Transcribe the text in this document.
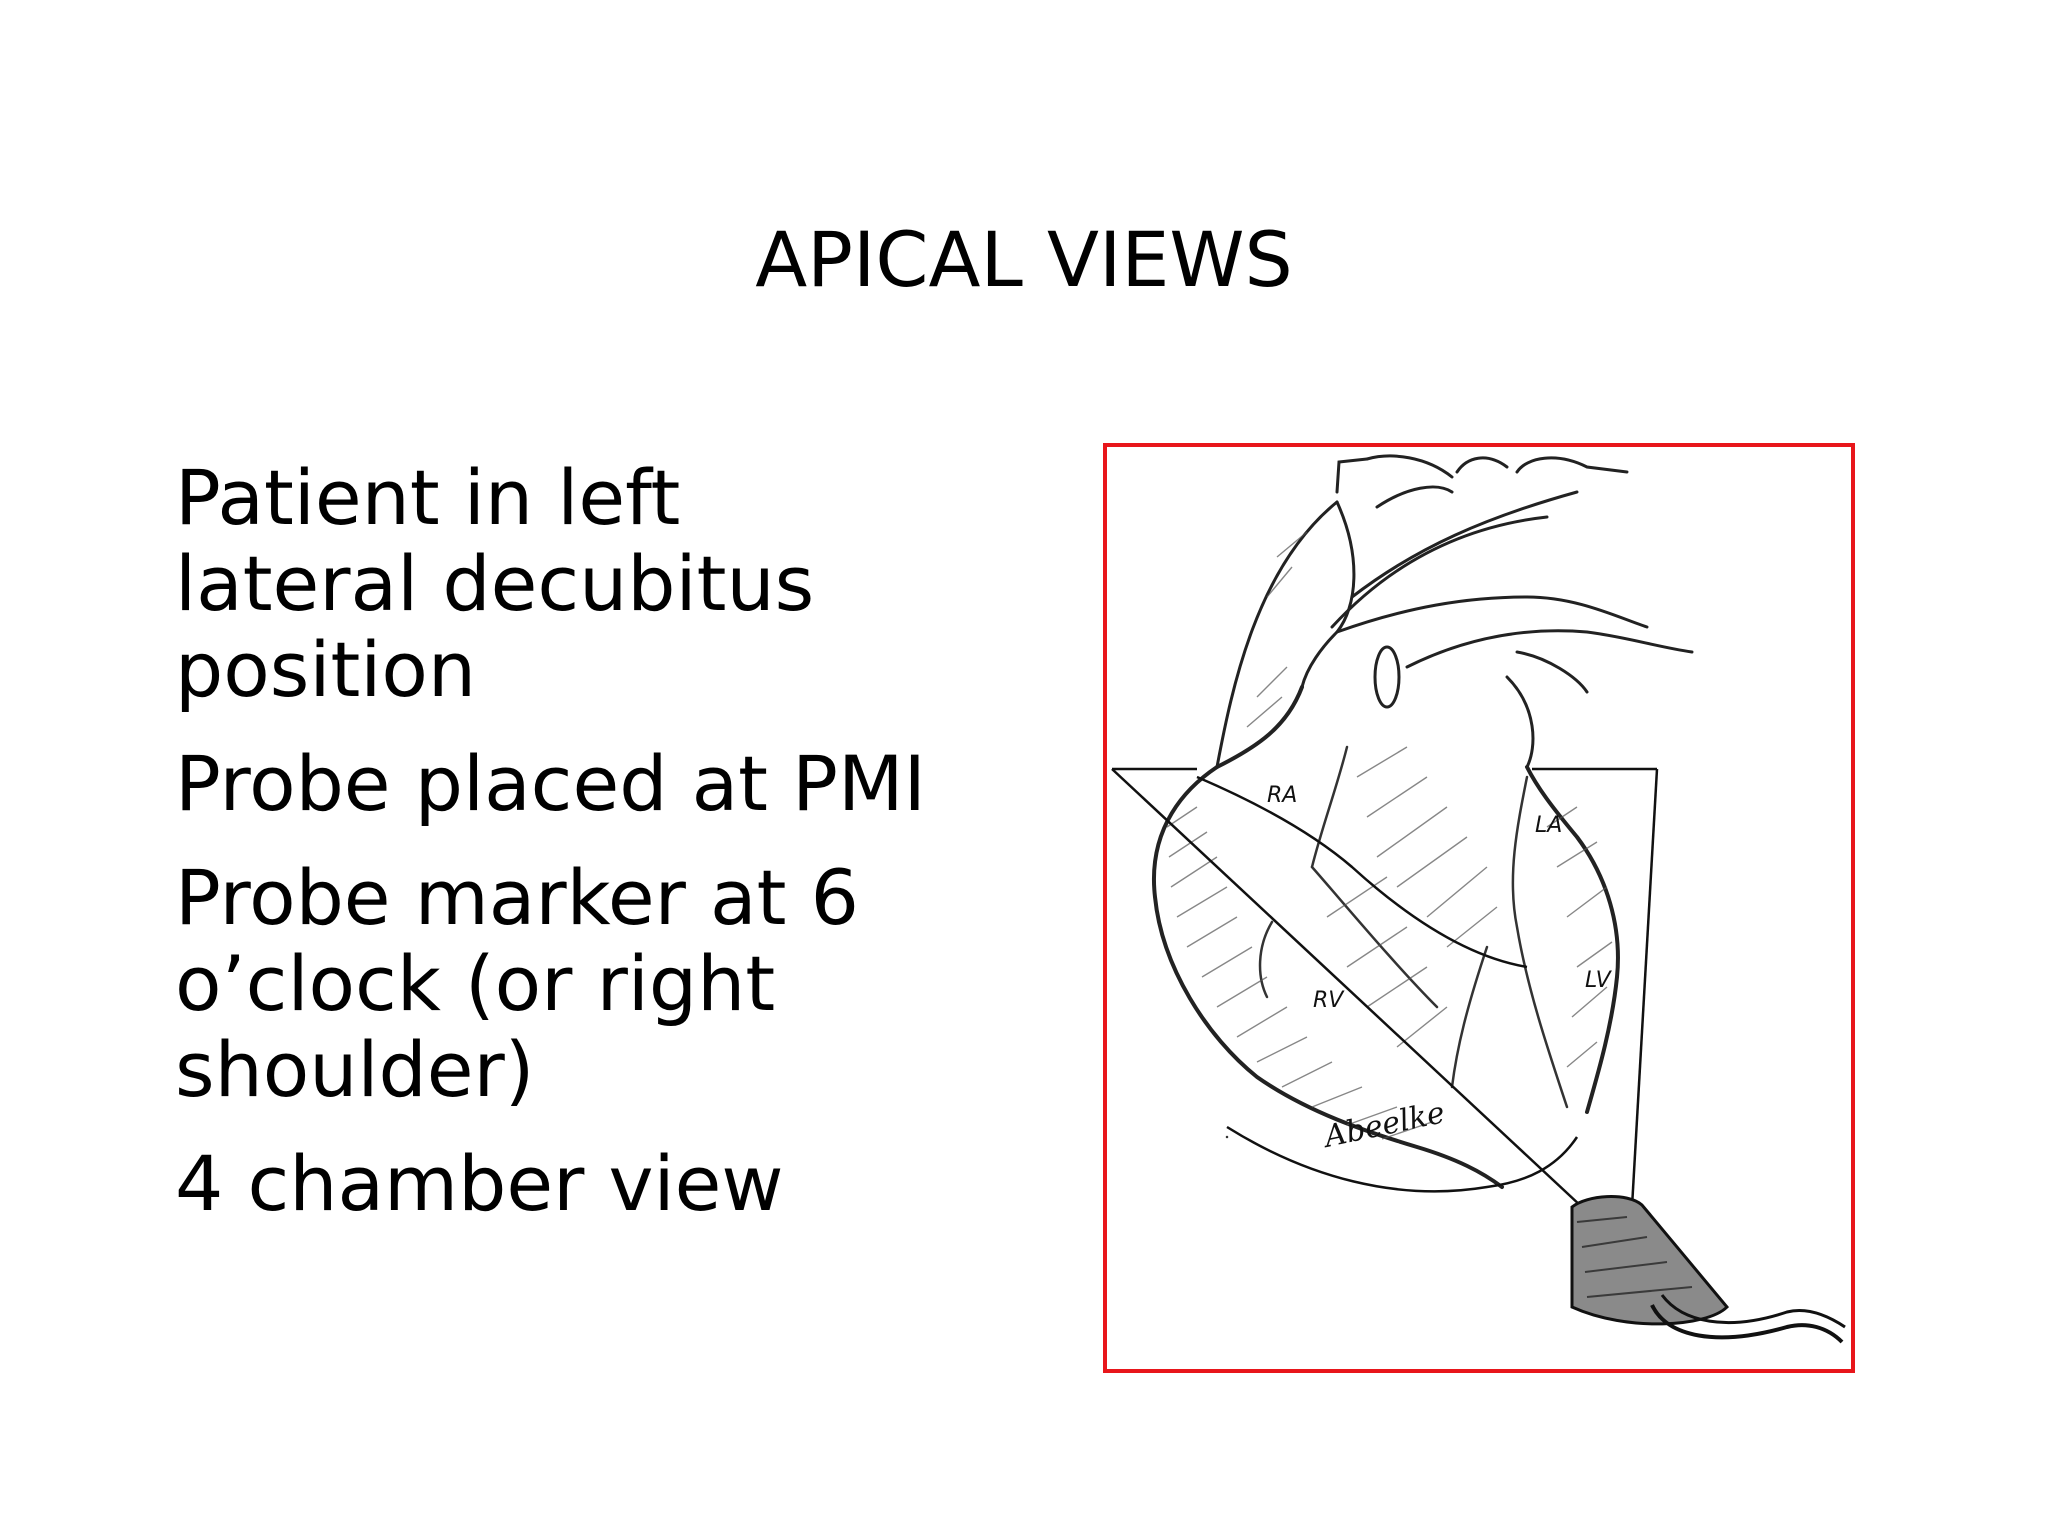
APICAL VIEWS
Patient in left
lateral decubitus
position
Probe placed at PMI
Probe marker at 6
o’clock (or right
shoulder)
4 chamber view
RA
LA
RV
LV
Abeelke
